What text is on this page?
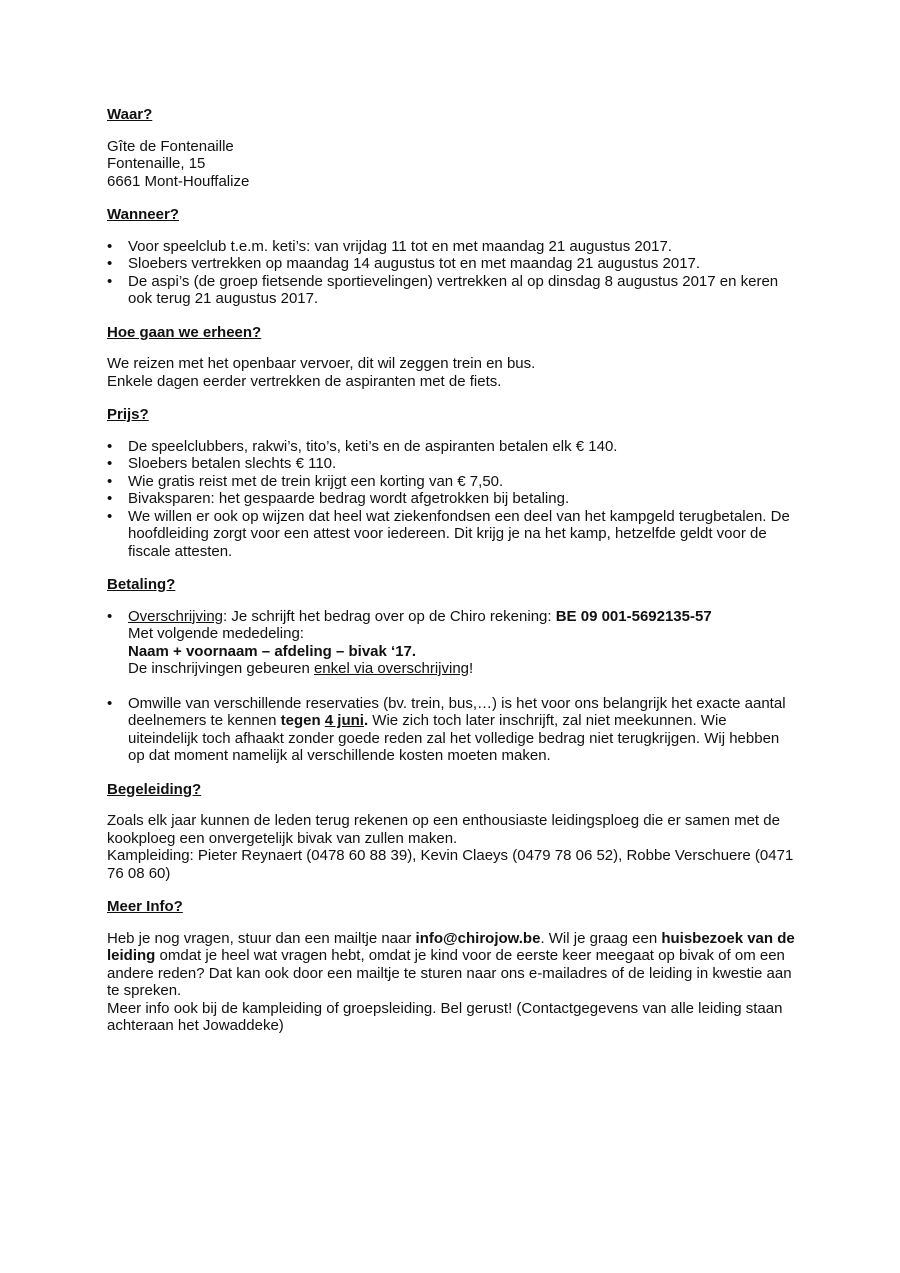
Waar?

Gîte de Fontenaille

Fontenaille, 15

6661 Mont-Houffalize

Wanneer?
• Voor speelclub t.e.m. keti’s: van vrijdag 11 tot en met maandag 21 augustus 2017.
• Sloebers vertrekken op maandag 14 augustus tot en met maandag 21 augustus 2017.
• De aspi’s (de groep fietsende sportievelingen) vertrekken al op dinsdag 8 augustus 2017 en keren ook terug 21 augustus 2017.
Hoe gaan we erheen?

We reizen met het openbaar vervoer, dit wil zeggen trein en bus.

Enkele dagen eerder vertrekken de aspiranten met de fiets.

Prijs?
• De speelclubbers, rakwi’s, tito’s, keti’s en de aspiranten betalen elk € 140.
• Sloebers betalen slechts € 110.
• Wie gratis reist met de trein krijgt een korting van € 7,50.
• Bivaksparen: het gespaarde bedrag wordt afgetrokken bij betaling.
• We willen er ook op wijzen dat heel wat ziekenfondsen een deel van het kampgeld terugbetalen. De hoofdleiding zorgt voor een attest voor iedereen. Dit krijg je na het kamp, hetzelfde geldt voor de fiscale attesten.
Betaling?
• Overschrijving: Je schrijft het bedrag over op de Chiro rekening: BE 09 001-5692135-57
Met volgende mededeling:
Naam + voornaam – afdeling – bivak ‘17.
De inschrijvingen gebeuren enkel via overschrijving!
• Omwille van verschillende reservaties (bv. trein, bus,…) is het voor ons belangrijk het exacte aantal deelnemers te kennen tegen 4 juni. Wie zich toch later inschrijft, zal niet meekunnen. Wie uiteindelijk toch afhaakt zonder goede reden zal het volledige bedrag niet terugkrijgen. Wij hebben op dat moment namelijk al verschillende kosten moeten maken.
Begeleiding?

Zoals elk jaar kunnen de leden terug rekenen op een enthousiaste leidingsploeg die er samen met de kookploeg een onvergetelijk bivak van zullen maken.

Kampleiding: Pieter Reynaert (0478 60 88 39), Kevin Claeys (0479 78 06 52), Robbe Verschuere (0471 76 08 60)

Meer Info?

Heb je nog vragen, stuur dan een mailtje naar info@chirojow.be. Wil je graag een huisbezoek van de leiding omdat je heel wat vragen hebt, omdat je kind voor de eerste keer meegaat op bivak of om een andere reden? Dat kan ook door een mailtje te sturen naar ons e-mailadres of de leiding in kwestie aan te spreken.

Meer info ook bij de kampleiding of groepsleiding. Bel gerust! (Contactgegevens van alle leiding staan achteraan het Jowaddeke)
